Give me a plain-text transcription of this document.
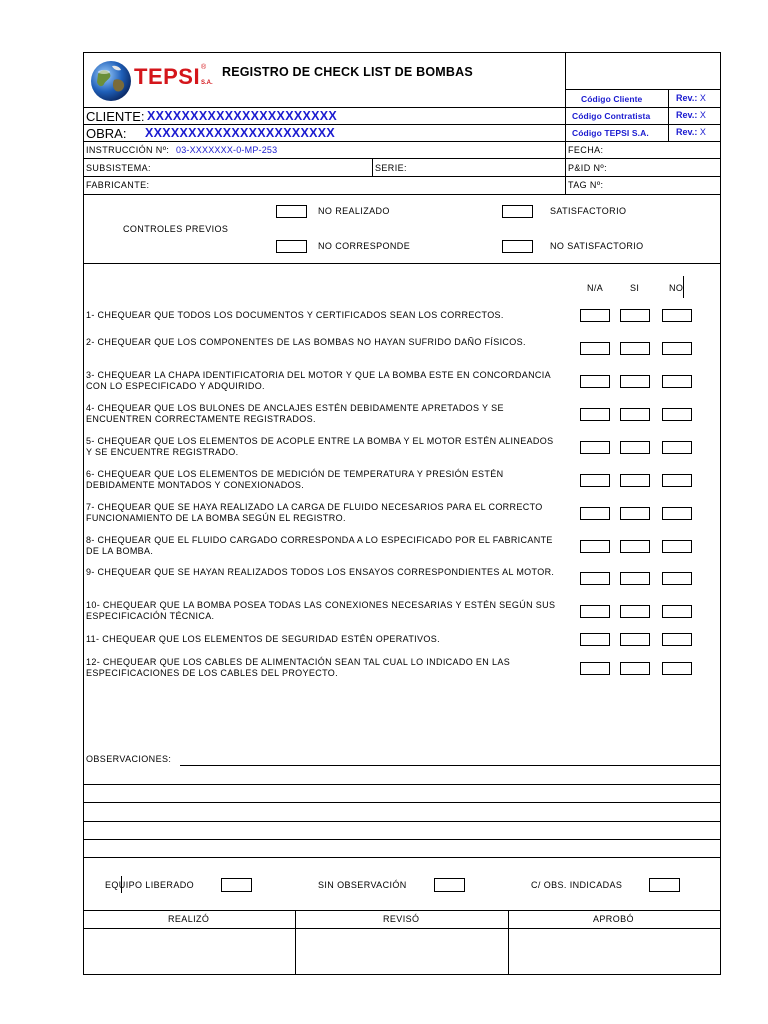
TEPSI ®
S.A.
REGISTRO DE CHECK LIST DE BOMBAS
Código Cliente	Rev.: X
Código Contratista	Rev.: X
Código TEPSI S.A.	Rev.: X
CLIENTE: XXXXXXXXXXXXXXXXXXXXXX
OBRA: XXXXXXXXXXXXXXXXXXXXXX
INSTRUCCIÓN Nº: 03-XXXXXXX-0-MP-253	FECHA:
SUBSISTEMA:	SERIE:	P&ID Nº:
FABRICANTE:	TAG Nº:
CONTROLES PREVIOS
NO REALIZADO	SATISFACTORIO
NO CORRESPONDE	NO SATISFACTORIO
N/A	SI	NO
1- CHEQUEAR QUE TODOS LOS DOCUMENTOS Y CERTIFICADOS SEAN LOS CORRECTOS.
2- CHEQUEAR QUE LOS COMPONENTES DE LAS BOMBAS NO HAYAN SUFRIDO DAÑO FÍSICOS.
3- CHEQUEAR LA CHAPA IDENTIFICATORIA DEL MOTOR Y QUE LA BOMBA ESTE EN CONCORDANCIA CON LO ESPECIFICADO Y ADQUIRIDO.
4- CHEQUEAR QUE LOS BULONES DE ANCLAJES ESTÉN DEBIDAMENTE APRETADOS Y SE ENCUENTREN CORRECTAMENTE REGISTRADOS.
5- CHEQUEAR QUE LOS ELEMENTOS DE ACOPLE ENTRE LA BOMBA Y EL MOTOR ESTÉN ALINEADOS Y SE ENCUENTRE REGISTRADO.
6- CHEQUEAR QUE LOS ELEMENTOS DE MEDICIÓN DE TEMPERATURA Y PRESIÓN ESTÉN DEBIDAMENTE MONTADOS Y CONEXIONADOS.
7- CHEQUEAR QUE SE HAYA REALIZADO LA CARGA DE FLUIDO NECESARIOS PARA EL CORRECTO FUNCIONAMIENTO DE LA BOMBA SEGÚN EL REGISTRO.
8- CHEQUEAR QUE EL FLUIDO CARGADO CORRESPONDA A LO ESPECIFICADO POR EL FABRICANTE DE LA BOMBA.
9- CHEQUEAR QUE SE HAYAN REALIZADOS TODOS LOS ENSAYOS CORRESPONDIENTES AL MOTOR.
10- CHEQUEAR QUE LA BOMBA POSEA TODAS LAS CONEXIONES NECESARIAS Y ESTÉN SEGÚN SUS ESPECIFICACIÓN TÉCNICA.
11- CHEQUEAR QUE LOS ELEMENTOS DE SEGURIDAD ESTÉN OPERATIVOS.
12- CHEQUEAR QUE LOS CABLES DE ALIMENTACIÓN SEAN TAL CUAL LO INDICADO EN LAS ESPECIFICACIONES DE LOS CABLES DEL PROYECTO.
OBSERVACIONES:
EQUIPO LIBERADO	SIN OBSERVACIÓN	C/ OBS. INDICADAS
REALIZÓ	REVISÓ	APROBÓ
